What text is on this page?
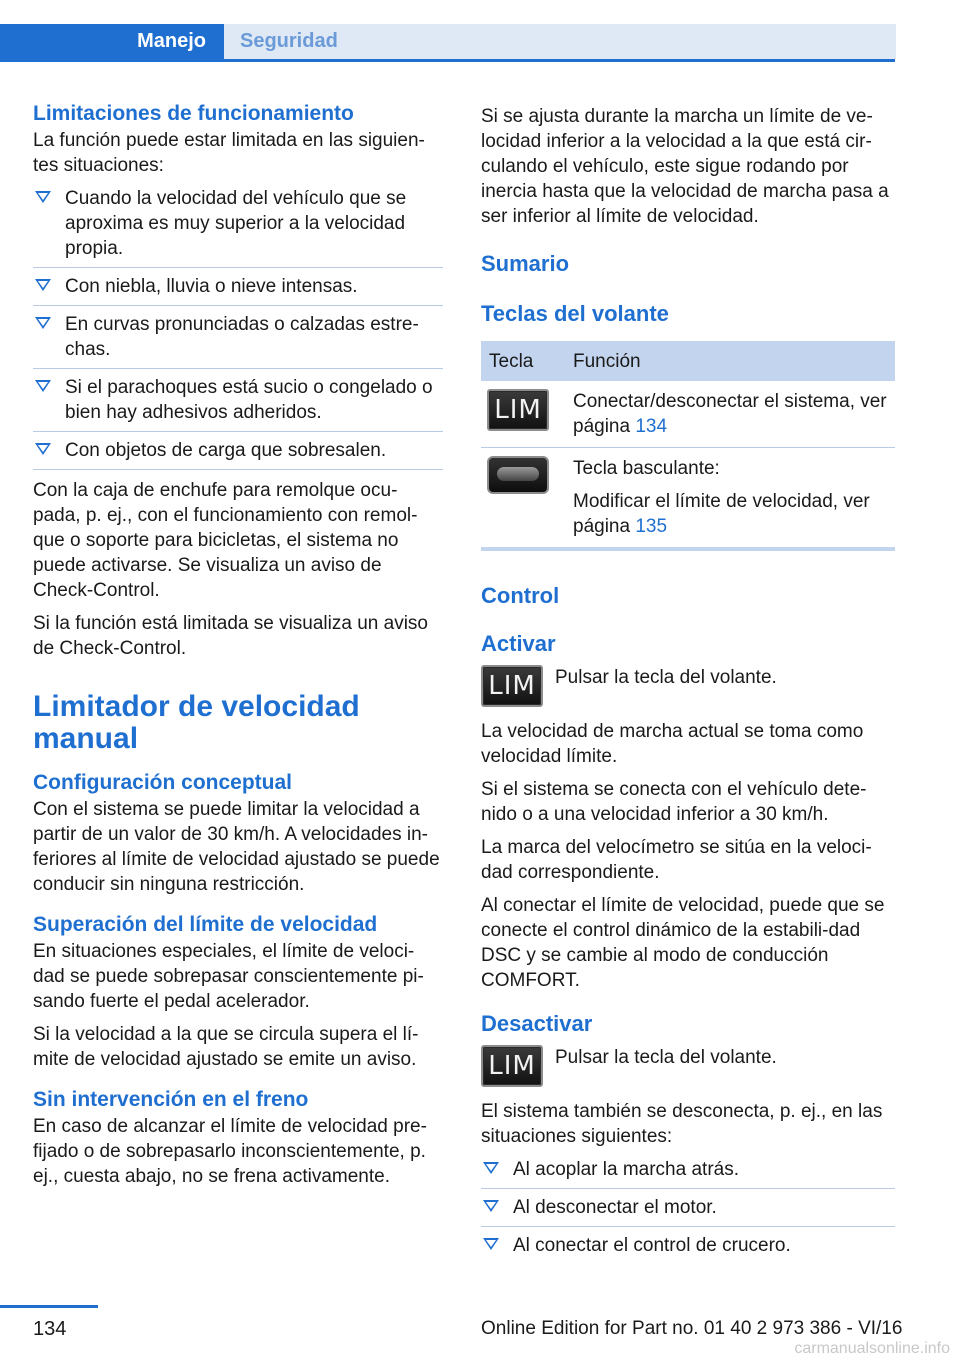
Manejo	Seguridad
Limitaciones de funcionamiento

La función puede estar limitada en las siguien-tes situaciones:

Cuando la velocidad del vehículo que se aproxima es muy superior a la velocidad propia.
Con niebla, lluvia o nieve intensas.
En curvas pronunciadas o calzadas estre-chas.
Si el parachoques está sucio o congelado o bien hay adhesivos adheridos.
Con objetos de carga que sobresalen.

Con la caja de enchufe para remolque ocu-pada, p. ej., con el funcionamiento con remol-que o soporte para bicicletas, el sistema no puede activarse. Se visualiza un aviso de Check-Control.

Si la función está limitada se visualiza un aviso de Check-Control.

Limitador de velocidad manual
Configuración conceptual

Con el sistema se puede limitar la velocidad a partir de un valor de 30 km/h. A velocidades in-feriores al límite de velocidad ajustado se puede conducir sin ninguna restricción.

Superación del límite de velocidad

En situaciones especiales, el límite de veloci-dad se puede sobrepasar conscientemente pi-sando fuerte el pedal acelerador.

Si la velocidad a la que se circula supera el lí-mite de velocidad ajustado se emite un aviso.

Sin intervención en el freno

En caso de alcanzar el límite de velocidad pre-fijado o de sobrepasarlo inconscientemente, p. ej., cuesta abajo, no se frena activamente.

Si se ajusta durante la marcha un límite de ve-locidad inferior a la velocidad a la que está cir-culando el vehículo, este sigue rodando por inercia hasta que la velocidad de marcha pasa a ser inferior al límite de velocidad.

Sumario
Teclas del volante
Tecla	Función

LIM	Conectar/desconectar el sistema, ver página 134

	Tecla basculante:

Modificar el límite de velocidad, ver página 135
Control
Activar
LIM	Pulsar la tecla del volante.

La velocidad de marcha actual se toma como velocidad límite.

Si el sistema se conecta con el vehículo dete-nido o a una velocidad inferior a 30 km/h.

La marca del velocímetro se sitúa en la veloci-dad correspondiente.

Al conectar el límite de velocidad, puede que se conecte el control dinámico de la estabili-dad DSC y se cambie al modo de conducción COMFORT.

Desactivar
LIM	Pulsar la tecla del volante.

El sistema también se desconecta, p. ej., en las situaciones siguientes:

Al acoplar la marcha atrás.
Al desconectar el motor.
Al conectar el control de crucero.
134	Online Edition for Part no. 01 40 2 973 386 - VI/16
carmanualsonline.info
